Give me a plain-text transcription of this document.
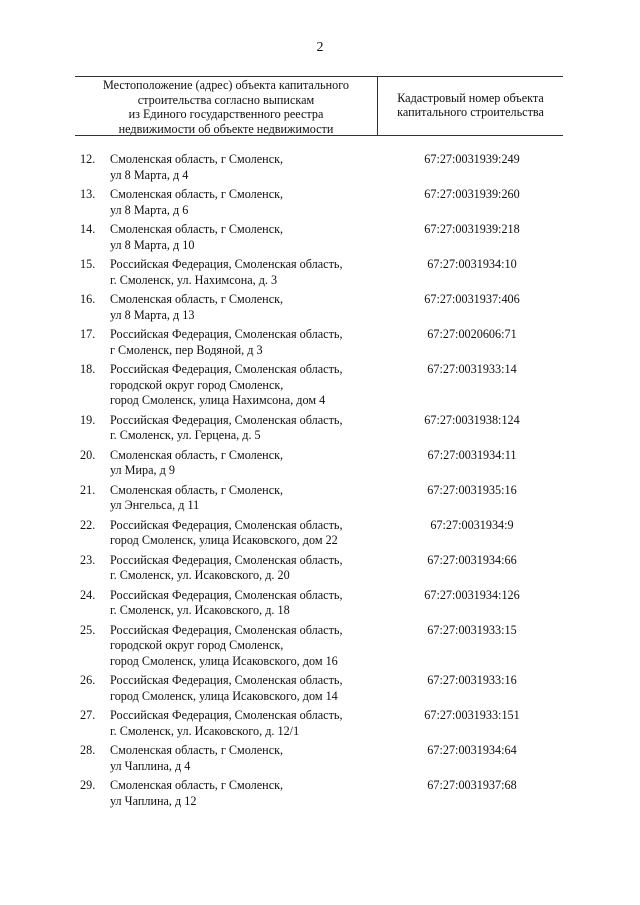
2
Местоположение (адрес) объекта капитального
строительства согласно выпискам
из Единого государственного реестра
недвижимости об объекте недвижимости
Кадастровый номер объекта
капитального строительства
12. Смоленская область, г Смоленск,
ул 8 Марта, д 4
67:27:0031939:249
13. Смоленская область, г Смоленск,
ул 8 Марта, д 6
67:27:0031939:260
14. Смоленская область, г Смоленск,
ул 8 Марта, д 10
67:27:0031939:218
15. Российская Федерация, Смоленская область,
г. Смоленск, ул. Нахимсона, д. 3
67:27:0031934:10
16. Смоленская область, г Смоленск,
ул 8 Марта, д 13
67:27:0031937:406
17. Российская Федерация, Смоленская область,
г Смоленск, пер Водяной, д 3
67:27:0020606:71
18. Российская Федерация, Смоленская область,
городской округ город Смоленск,
город Смоленск, улица Нахимсона, дом 4
67:27:0031933:14
19. Российская Федерация, Смоленская область,
г. Смоленск, ул. Герцена, д. 5
67:27:0031938:124
20. Смоленская область, г Смоленск,
ул Мира, д 9
67:27:0031934:11
21. Смоленская область, г Смоленск,
ул Энгельса, д 11
67:27:0031935:16
22. Российская Федерация, Смоленская область,
город Смоленск, улица Исаковского, дом 22
67:27:0031934:9
23. Российская Федерация, Смоленская область,
г. Смоленск, ул. Исаковского, д. 20
67:27:0031934:66
24. Российская Федерация, Смоленская область,
г. Смоленск, ул. Исаковского, д. 18
67:27:0031934:126
25. Российская Федерация, Смоленская область,
городской округ город Смоленск,
город Смоленск, улица Исаковского, дом 16
67:27:0031933:15
26. Российская Федерация, Смоленская область,
город Смоленск, улица Исаковского, дом 14
67:27:0031933:16
27. Российская Федерация, Смоленская область,
г. Смоленск, ул. Исаковского, д. 12/1
67:27:0031933:151
28. Смоленская область, г Смоленск,
ул Чаплина, д 4
67:27:0031934:64
29. Смоленская область, г Смоленск,
ул Чаплина, д 12
67:27:0031937:68
